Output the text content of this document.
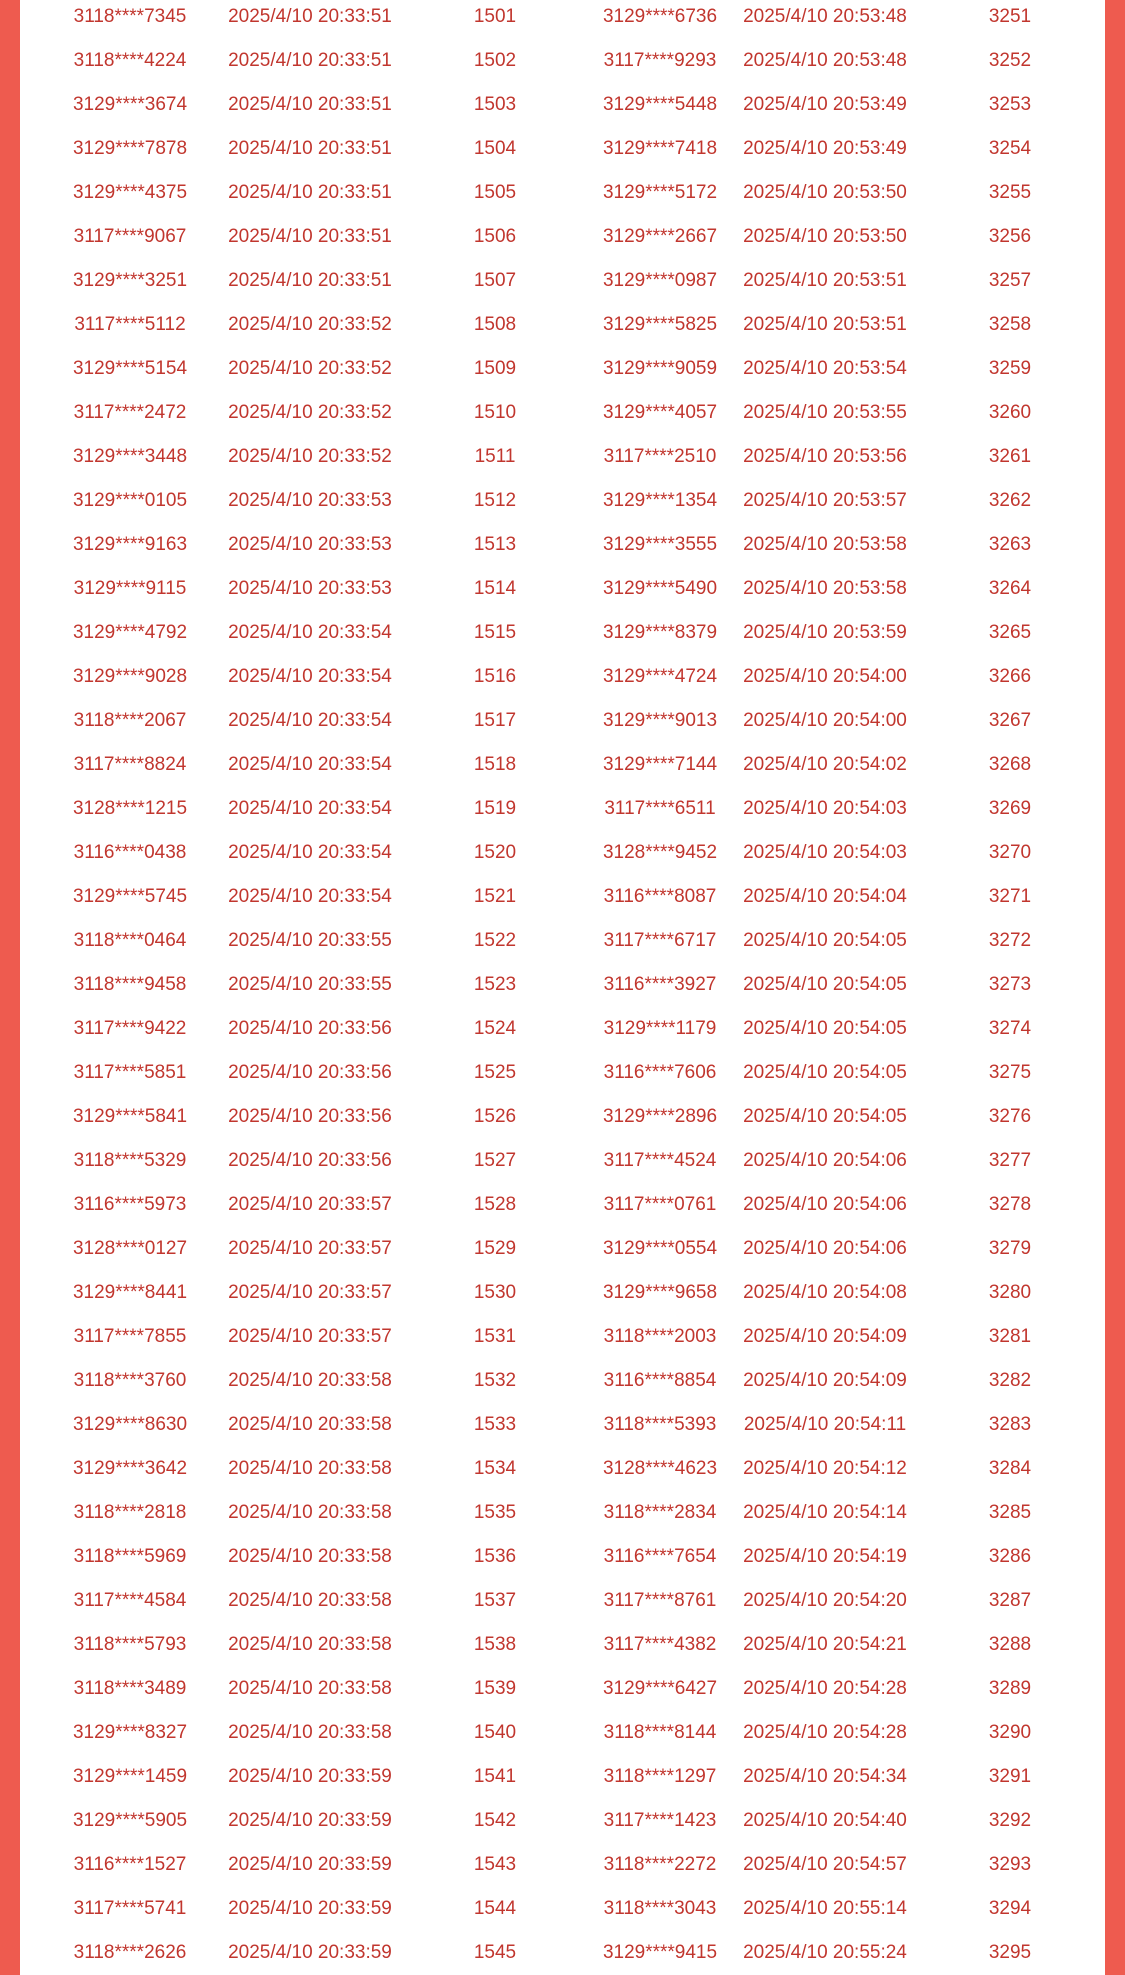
3118****7345	2025/4/10 20:33:51	1501	3129****6736	2025/4/10 20:53:48	3251
3118****4224	2025/4/10 20:33:51	1502	3117****9293	2025/4/10 20:53:48	3252
3129****3674	2025/4/10 20:33:51	1503	3129****5448	2025/4/10 20:53:49	3253
3129****7878	2025/4/10 20:33:51	1504	3129****7418	2025/4/10 20:53:49	3254
3129****4375	2025/4/10 20:33:51	1505	3129****5172	2025/4/10 20:53:50	3255
3117****9067	2025/4/10 20:33:51	1506	3129****2667	2025/4/10 20:53:50	3256
3129****3251	2025/4/10 20:33:51	1507	3129****0987	2025/4/10 20:53:51	3257
3117****5112	2025/4/10 20:33:52	1508	3129****5825	2025/4/10 20:53:51	3258
3129****5154	2025/4/10 20:33:52	1509	3129****9059	2025/4/10 20:53:54	3259
3117****2472	2025/4/10 20:33:52	1510	3129****4057	2025/4/10 20:53:55	3260
3129****3448	2025/4/10 20:33:52	1511	3117****2510	2025/4/10 20:53:56	3261
3129****0105	2025/4/10 20:33:53	1512	3129****1354	2025/4/10 20:53:57	3262
3129****9163	2025/4/10 20:33:53	1513	3129****3555	2025/4/10 20:53:58	3263
3129****9115	2025/4/10 20:33:53	1514	3129****5490	2025/4/10 20:53:58	3264
3129****4792	2025/4/10 20:33:54	1515	3129****8379	2025/4/10 20:53:59	3265
3129****9028	2025/4/10 20:33:54	1516	3129****4724	2025/4/10 20:54:00	3266
3118****2067	2025/4/10 20:33:54	1517	3129****9013	2025/4/10 20:54:00	3267
3117****8824	2025/4/10 20:33:54	1518	3129****7144	2025/4/10 20:54:02	3268
3128****1215	2025/4/10 20:33:54	1519	3117****6511	2025/4/10 20:54:03	3269
3116****0438	2025/4/10 20:33:54	1520	3128****9452	2025/4/10 20:54:03	3270
3129****5745	2025/4/10 20:33:54	1521	3116****8087	2025/4/10 20:54:04	3271
3118****0464	2025/4/10 20:33:55	1522	3117****6717	2025/4/10 20:54:05	3272
3118****9458	2025/4/10 20:33:55	1523	3116****3927	2025/4/10 20:54:05	3273
3117****9422	2025/4/10 20:33:56	1524	3129****1179	2025/4/10 20:54:05	3274
3117****5851	2025/4/10 20:33:56	1525	3116****7606	2025/4/10 20:54:05	3275
3129****5841	2025/4/10 20:33:56	1526	3129****2896	2025/4/10 20:54:05	3276
3118****5329	2025/4/10 20:33:56	1527	3117****4524	2025/4/10 20:54:06	3277
3116****5973	2025/4/10 20:33:57	1528	3117****0761	2025/4/10 20:54:06	3278
3128****0127	2025/4/10 20:33:57	1529	3129****0554	2025/4/10 20:54:06	3279
3129****8441	2025/4/10 20:33:57	1530	3129****9658	2025/4/10 20:54:08	3280
3117****7855	2025/4/10 20:33:57	1531	3118****2003	2025/4/10 20:54:09	3281
3118****3760	2025/4/10 20:33:58	1532	3116****8854	2025/4/10 20:54:09	3282
3129****8630	2025/4/10 20:33:58	1533	3118****5393	2025/4/10 20:54:11	3283
3129****3642	2025/4/10 20:33:58	1534	3128****4623	2025/4/10 20:54:12	3284
3118****2818	2025/4/10 20:33:58	1535	3118****2834	2025/4/10 20:54:14	3285
3118****5969	2025/4/10 20:33:58	1536	3116****7654	2025/4/10 20:54:19	3286
3117****4584	2025/4/10 20:33:58	1537	3117****8761	2025/4/10 20:54:20	3287
3118****5793	2025/4/10 20:33:58	1538	3117****4382	2025/4/10 20:54:21	3288
3118****3489	2025/4/10 20:33:58	1539	3129****6427	2025/4/10 20:54:28	3289
3129****8327	2025/4/10 20:33:58	1540	3118****8144	2025/4/10 20:54:28	3290
3129****1459	2025/4/10 20:33:59	1541	3118****1297	2025/4/10 20:54:34	3291
3129****5905	2025/4/10 20:33:59	1542	3117****1423	2025/4/10 20:54:40	3292
3116****1527	2025/4/10 20:33:59	1543	3118****2272	2025/4/10 20:54:57	3293
3117****5741	2025/4/10 20:33:59	1544	3118****3043	2025/4/10 20:55:14	3294
3118****2626	2025/4/10 20:33:59	1545	3129****9415	2025/4/10 20:55:24	3295
